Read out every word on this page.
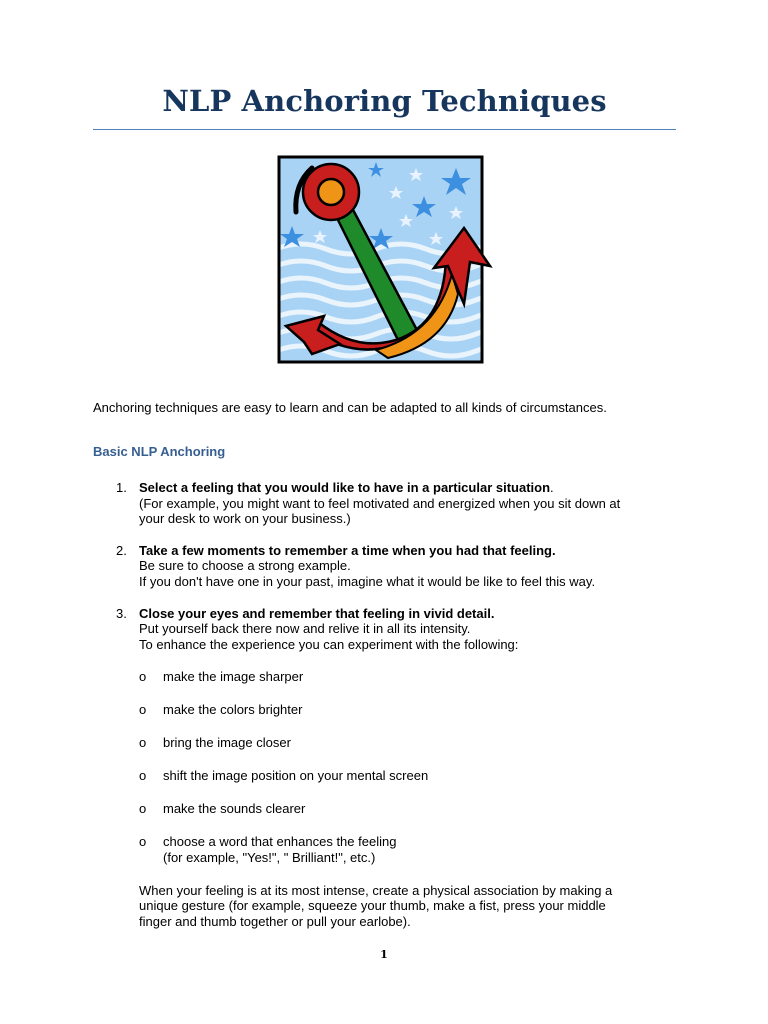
NLP Anchoring Techniques

Anchoring techniques are easy to learn and can be adapted to all kinds of circumstances.

Basic NLP Anchoring
1. Select a feeling that you would like to have in a particular situation.
(For example, you might want to feel motivated and energized when you sit down at
your desk to work on your business.)
2. Take a few moments to remember a time when you had that feeling.
Be sure to choose a strong example.
If you don't have one in your past, imagine what it would be like to feel this way.
3. Close your eyes and remember that feeling in vivid detail.
Put yourself back there now and relive it in all its intensity.
To enhance the experience you can experiment with the following:
o make the image sharper
o make the colors brighter
o bring the image closer
o shift the image position on your mental screen
o make the sounds clearer
o choose a word that enhances the feeling
(for example, "Yes!", " Brilliant!", etc.)
When your feeling is at its most intense, create a physical association by making a
unique gesture (for example, squeeze your thumb, make a fist, press your middle
finger and thumb together or pull your earlobe).

1
